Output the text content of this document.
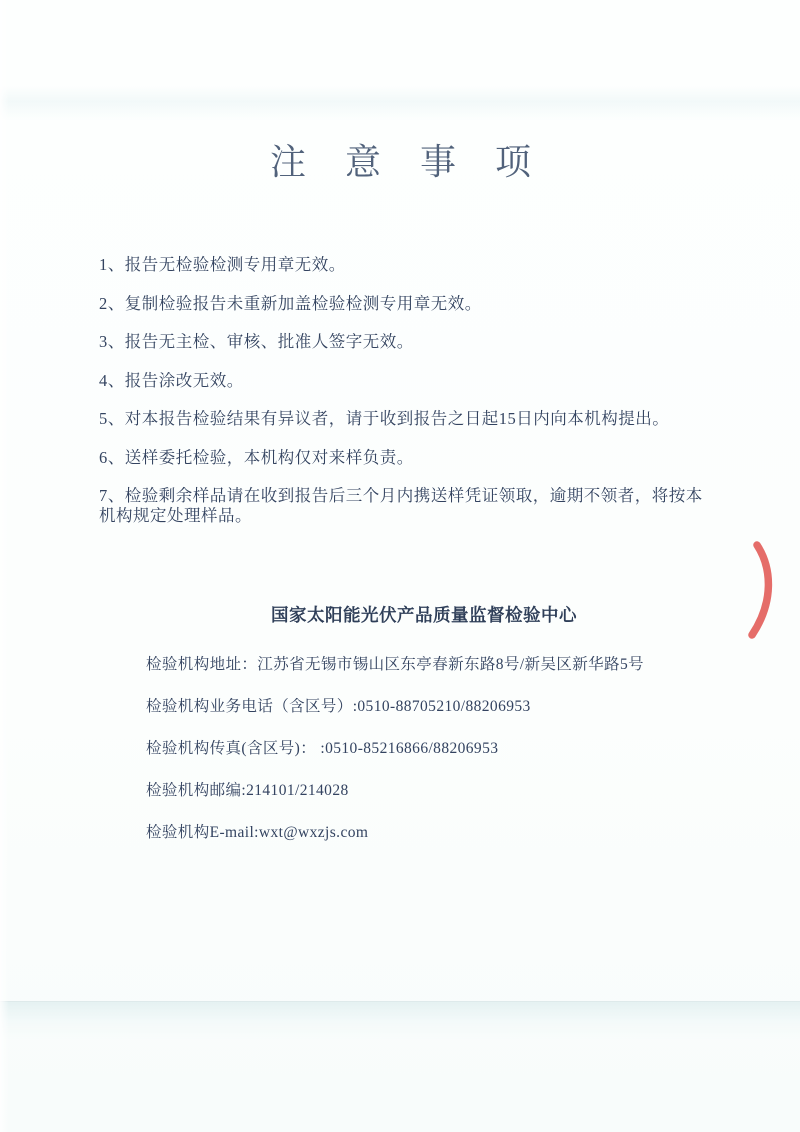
注 意 事 项

1、报告无检验检测专用章无效。

2、复制检验报告未重新加盖检验检测专用章无效。

3、报告无主检、审核、批准人签字无效。

4、报告涂改无效。

5、对本报告检验结果有异议者，请于收到报告之日起15日内向本机构提出。

6、送样委托检验，本机构仅对来样负责。

7、检验剩余样品请在收到报告后三个月内携送样凭证领取，逾期不领者，将按本机构规定处理样品。

国家太阳能光伏产品质量监督检验中心

检验机构地址：江苏省无锡市锡山区东亭春新东路8号/新吴区新华路5号

检验机构业务电话（含区号）:0510-88705210/88206953

检验机构传真(含区号)： :0510-85216866/88206953

检验机构邮编:214101/214028

检验机构E-mail:wxt@wxzjs.com
